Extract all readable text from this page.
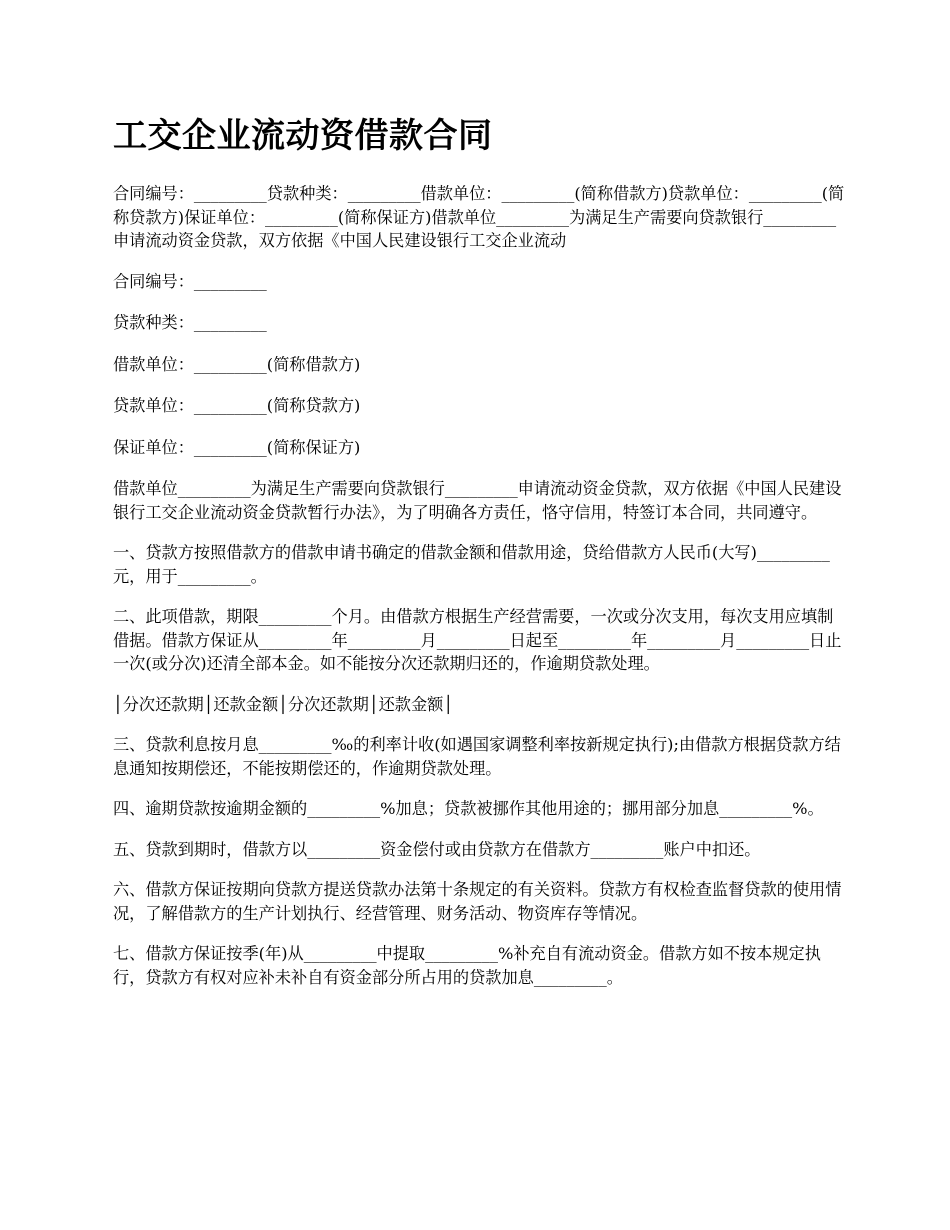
工交企业流动资借款合同

合同编号：_________贷款种类：_________借款单位：_________(简称借款方)贷款单位：_________(简称贷款方)保证单位：_________(简称保证方)借款单位_________为满足生产需要向贷款银行_________申请流动资金贷款，双方依据《中国人民建设银行工交企业流动

合同编号：_________

贷款种类：_________

借款单位：_________(简称借款方)

贷款单位：_________(简称贷款方)

保证单位：_________(简称保证方)

借款单位_________为满足生产需要向贷款银行_________申请流动资金贷款，双方依据《中国人民建设银行工交企业流动资金贷款暂行办法》，为了明确各方责任，恪守信用，特签订本合同，共同遵守。

一、贷款方按照借款方的借款申请书确定的借款金额和借款用途，贷给借款方人民币(大写)_________元，用于_________。

二、此项借款，期限_________个月。由借款方根据生产经营需要，一次或分次支用，每次支用应填制借据。借款方保证从_________年_________月_________日起至_________年_________月_________日止一次(或分次)还清全部本金。如不能按分次还款期归还的，作逾期贷款处理。

│分次还款期│还款金额│分次还款期│还款金额│

三、贷款利息按月息_________‰的利率计收(如遇国家调整利率按新规定执行);由借款方根据贷款方结息通知按期偿还，不能按期偿还的，作逾期贷款处理。

四、逾期贷款按逾期金额的_________%加息；贷款被挪作其他用途的；挪用部分加息_________%。

五、贷款到期时，借款方以_________资金偿付或由贷款方在借款方_________账户中扣还。

六、借款方保证按期向贷款方提送贷款办法第十条规定的有关资料。贷款方有权检查监督贷款的使用情况，了解借款方的生产计划执行、经营管理、财务活动、物资库存等情况。

七、借款方保证按季(年)从_________中提取_________%补充自有流动资金。借款方如不按本规定执行，贷款方有权对应补未补自有资金部分所占用的贷款加息_________。
